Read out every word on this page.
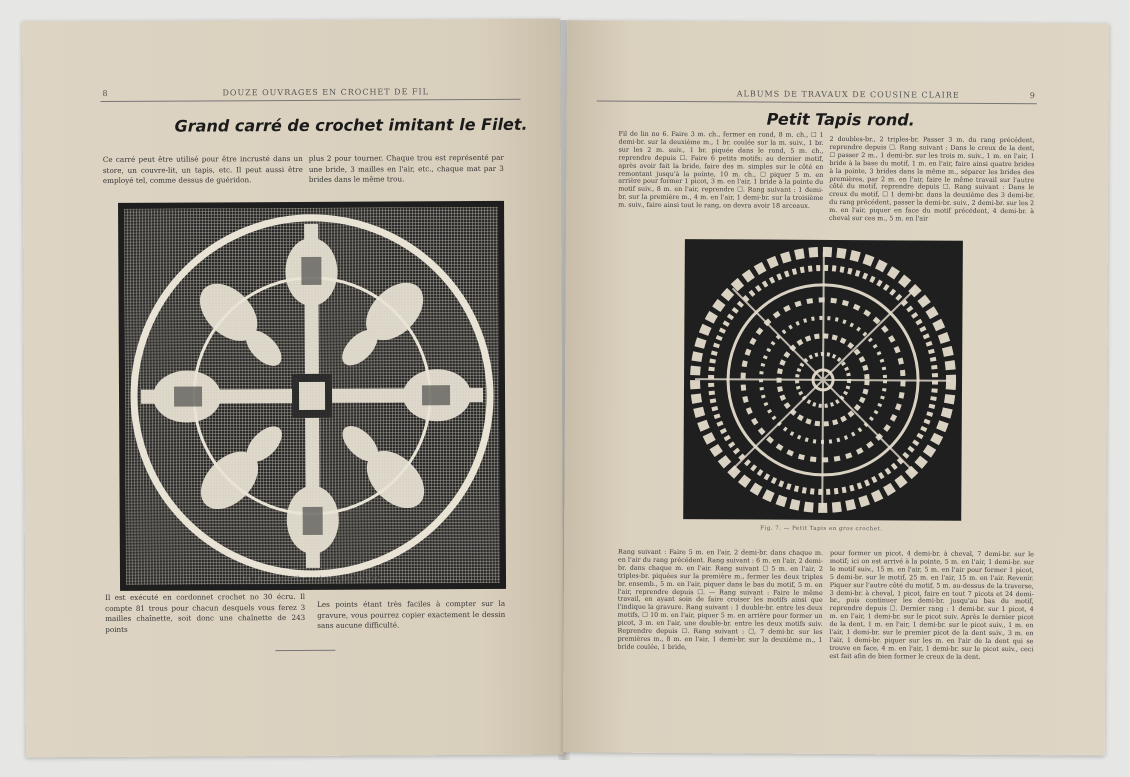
8	DOUZE OUVRAGES EN CROCHET DE FIL
Grand carré de crochet imitant le Filet.
Ce carré peut être utilisé pour être incrusté dans un store, un couvre-lit, un tapis, etc. Il peut aussi être employé tel, comme dessus de guéridon.
plus 2 pour tourner. Chaque trou est représenté par une bride, 3 mailles en l'air, etc., chaque mat par 3 brides dans le même trou.
Fig. 6. — Carré de crochet imitant le filet.
Il est exécuté en cordonnet crochet no 30 écru. Il compte 81 trous pour chacun desquels vous ferez 3 mailles chaînette, soit donc une chaînette de 243 points
Les points étant très faciles à compter sur la gravure, vous pourrez copier exactement le dessin sans aucune difficulté.
ALBUMS DE TRAVAUX DE COUSINE CLAIRE	9
Petit Tapis rond.
Fil de lin no 6. Faire 3 m. ch., fermer en rond, 8 m. ch., ☐ 1 demi-br. sur la deuxième m., 1 br. coulée sur la m. suiv., 1 br. sur les 2 m. suiv., 1 br. piquée dans le rond, 5 m. ch., reprendre depuis ☐. Faire 6 petits motifs; au dernier motif, après avoir fait la bride, faire des m. simples sur le côté en remontant jusqu'à la pointe, 10 m. ch., ☐ piquer 5 m. en arrière pour former 1 picot, 3 m. en l'air, 1 bride à la pointe du motif suiv., 8 m. en l'air, reprendre ☐. Rang suivant : 1 demi-br. sur la première m., 4 m. en l'air, 1 demi-br. sur la troisième m. suiv., faire ainsi tout le rang, on devra avoir 18 arceaux.
2 doubles-br., 2 triples-br. Passer 3 m. du rang précédent, reprendre depuis ☐. Rang suivant : Dans le creux de la dent, ☐ passer 2 m., 1 demi-br. sur les trois m. suiv., 1 m. en l'air, 1 bride à la base du motif, 1 m. en l'air, faire ainsi quatre brides à la pointe, 3 brides dans la même m., séparer les brides des premières, par 2 m. en l'air, faire le même travail sur l'autre côté du motif, reprendre depuis ☐. Rang suivant : Dans le creux du motif, ☐ 1 demi-br. dans la deuxième des 3 demi-br. du rang précédent, passer la demi-br. suiv., 2 demi-br. sur les 2 m. en l'air, piquer en face du motif précédent, 4 demi-br. à cheval sur ces m., 5 m. en l'air
Fig. 7. — Petit Tapis en gros crochet.
Rang suivant : Faire 5 m. en l'air, 2 demi-br. dans chaque m. en l'air du rang précédent. Rang suivant : 6 m. en l'air, 2 demi-br. dans chaque m. en l'air. Rang suivant ☐ 5 m. en l'air, 2 triples-br. piquées sur la première m., fermer les deux triples br. ensemb., 5 m. en l'air, piquer dans le bas du motif, 5 m. en l'air, reprendre depuis ☐. — Rang suivant : Faire le même travail, en ayant soin de faire croiser les motifs ainsi que l'indique la gravure. Rang suivant : 1 double-br. entre les deux motifs, ☐ 10 m. en l'air, piquer 5 m. en arrière pour former un picot, 3 m. en l'air, une double-br. entre les deux motifs suiv. Reprendre depuis ☐. Rang suivant : ☐, 7 demi-br. sur les premières m., 8 m. en l'air, 1 demi-br. sur la deuxième m., 1 bride coulée, 1 bride,
pour former un picot, 4 demi-br. à cheval, 7 demi-br. sur le motif; ici on est arrivé à la pointe, 5 m. en l'air, 1 demi-br. sur le motif suiv., 15 m. en l'air, 5 m. en l'air pour former 1 picot, 5 demi-br. sur le motif, 25 m. en l'air, 15 m. en l'air. Revenir. Piquer sur l'autre côté du motif, 5 m. au-dessus de la traverse, 3 demi-br. à cheval, 1 picot, faire en tout 7 picots et 24 demi-br., puis continuer les demi-br. jusqu'au bas du motif, reprendre depuis ☐. Dernier rang : 1 demi-br. sur 1 picot, 4 m. en l'air, 1 demi-br. sur le picot suiv. Après le dernier picot de la dent, 1 m. en l'air, 1 demi-br. sur le picot suiv., 1 m. en l'air, 1 demi-br. sur le premier picot de la dent suiv., 3 m. en l'air, 1 demi-br. piquer sur les m. en l'air de la dent qui se trouve en face, 4 m. en l'air, 1 demi-br. sur le picot suiv., ceci est fait afin de bien former le creux de la dent.
